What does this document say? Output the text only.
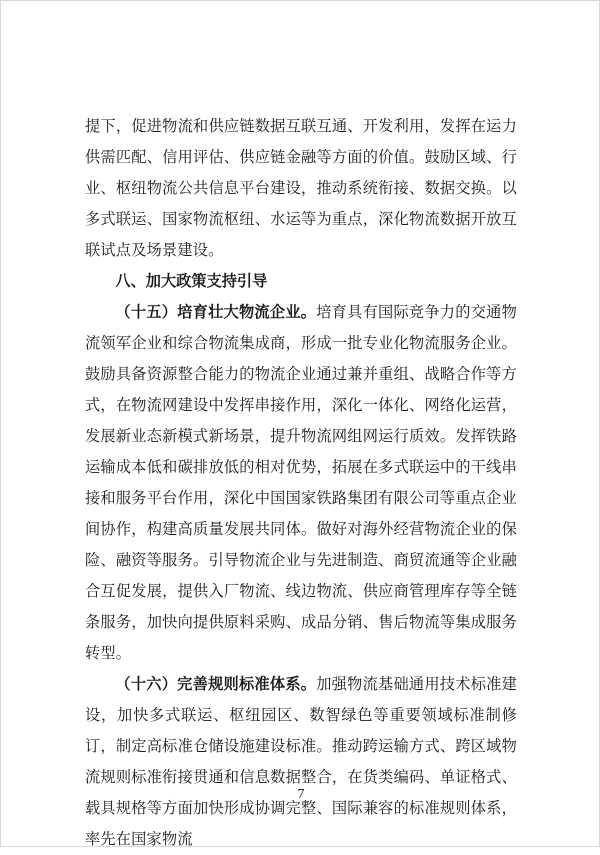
提下，促进物流和供应链数据互联互通、开发利用，发挥在运力供需匹配、信用评估、供应链金融等方面的价值。鼓励区域、行业、枢纽物流公共信息平台建设，推动系统衔接、数据交换。以多式联运、国家物流枢纽、水运等为重点，深化物流数据开放互联试点及场景建设。

八、加大政策支持引导

（十五）培育壮大物流企业。培育具有国际竞争力的交通物流领军企业和综合物流集成商，形成一批专业化物流服务企业。鼓励具备资源整合能力的物流企业通过兼并重组、战略合作等方式，在物流网建设中发挥串接作用，深化一体化、网络化运营，发展新业态新模式新场景，提升物流网组网运行质效。发挥铁路运输成本低和碳排放低的相对优势，拓展在多式联运中的干线串接和服务平台作用，深化中国国家铁路集团有限公司等重点企业间协作，构建高质量发展共同体。做好对海外经营物流企业的保险、融资等服务。引导物流企业与先进制造、商贸流通等企业融合互促发展，提供入厂物流、线边物流、供应商管理库存等全链条服务，加快向提供原料采购、成品分销、售后物流等集成服务转型。

（十六）完善规则标准体系。加强物流基础通用技术标准建设，加快多式联运、枢纽园区、数智绿色等重要领域标准制修订，制定高标准仓储设施建设标准。推动跨运输方式、跨区域物流规则标准衔接贯通和信息数据整合，在货类编码、单证格式、载具规格等方面加快形成协调完整、国际兼容的标准规则体系，率先在国家物流

7
